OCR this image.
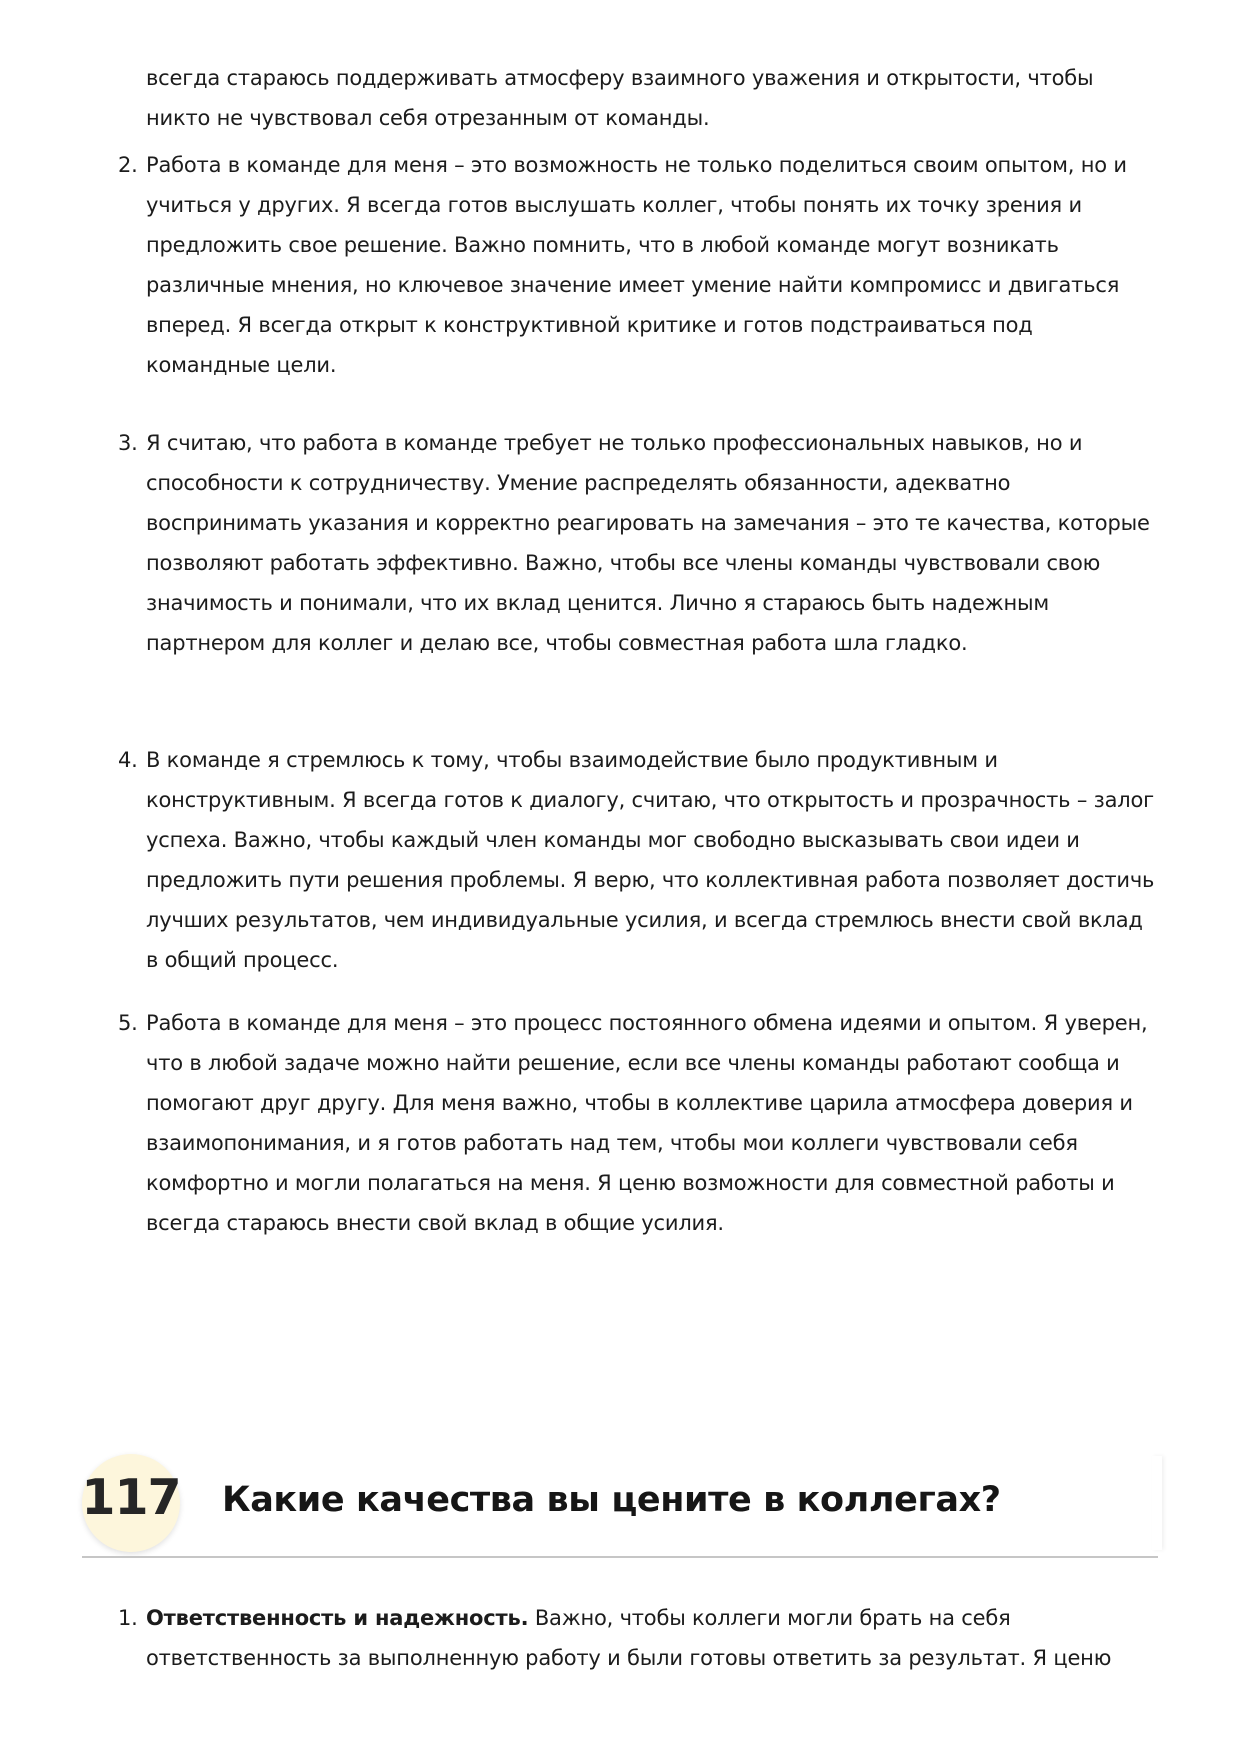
всегда стараюсь поддерживать атмосферу взаимного уважения и открытости, чтобы никто не чувствовал себя отрезанным от команды.

2. Работа в команде для меня – это возможность не только поделиться своим опытом, но и учиться у других. Я всегда готов выслушать коллег, чтобы понять их точку зрения и предложить свое решение. Важно помнить, что в любой команде могут возникать различные мнения, но ключевое значение имеет умение найти компромисс и двигаться вперед. Я всегда открыт к конструктивной критике и готов подстраиваться под командные цели.

3. Я считаю, что работа в команде требует не только профессиональных навыков, но и способности к сотрудничеству. Умение распределять обязанности, адекватно воспринимать указания и корректно реагировать на замечания – это те качества, которые позволяют работать эффективно. Важно, чтобы все члены команды чувствовали свою значимость и понимали, что их вклад ценится. Лично я стараюсь быть надежным партнером для коллег и делаю все, чтобы совместная работа шла гладко.

4. В команде я стремлюсь к тому, чтобы взаимодействие было продуктивным и конструктивным. Я всегда готов к диалогу, считаю, что открытость и прозрачность – залог успеха. Важно, чтобы каждый член команды мог свободно высказывать свои идеи и предложить пути решения проблемы. Я верю, что коллективная работа позволяет достичь лучших результатов, чем индивидуальные усилия, и всегда стремлюсь внести свой вклад в общий процесс.

5. Работа в команде для меня – это процесс постоянного обмена идеями и опытом. Я уверен, что в любой задаче можно найти решение, если все члены команды работают сообща и помогают друг другу. Для меня важно, чтобы в коллективе царила атмосфера доверия и взаимопонимания, и я готов работать над тем, чтобы мои коллеги чувствовали себя комфортно и могли полагаться на меня. Я ценю возможности для совместной работы и всегда стараюсь внести свой вклад в общие усилия.

117 Какие качества вы цените в коллегах?

1. Ответственность и надежность. Важно, чтобы коллеги могли брать на себя ответственность за выполненную работу и были готовы ответить за результат. Я ценю
